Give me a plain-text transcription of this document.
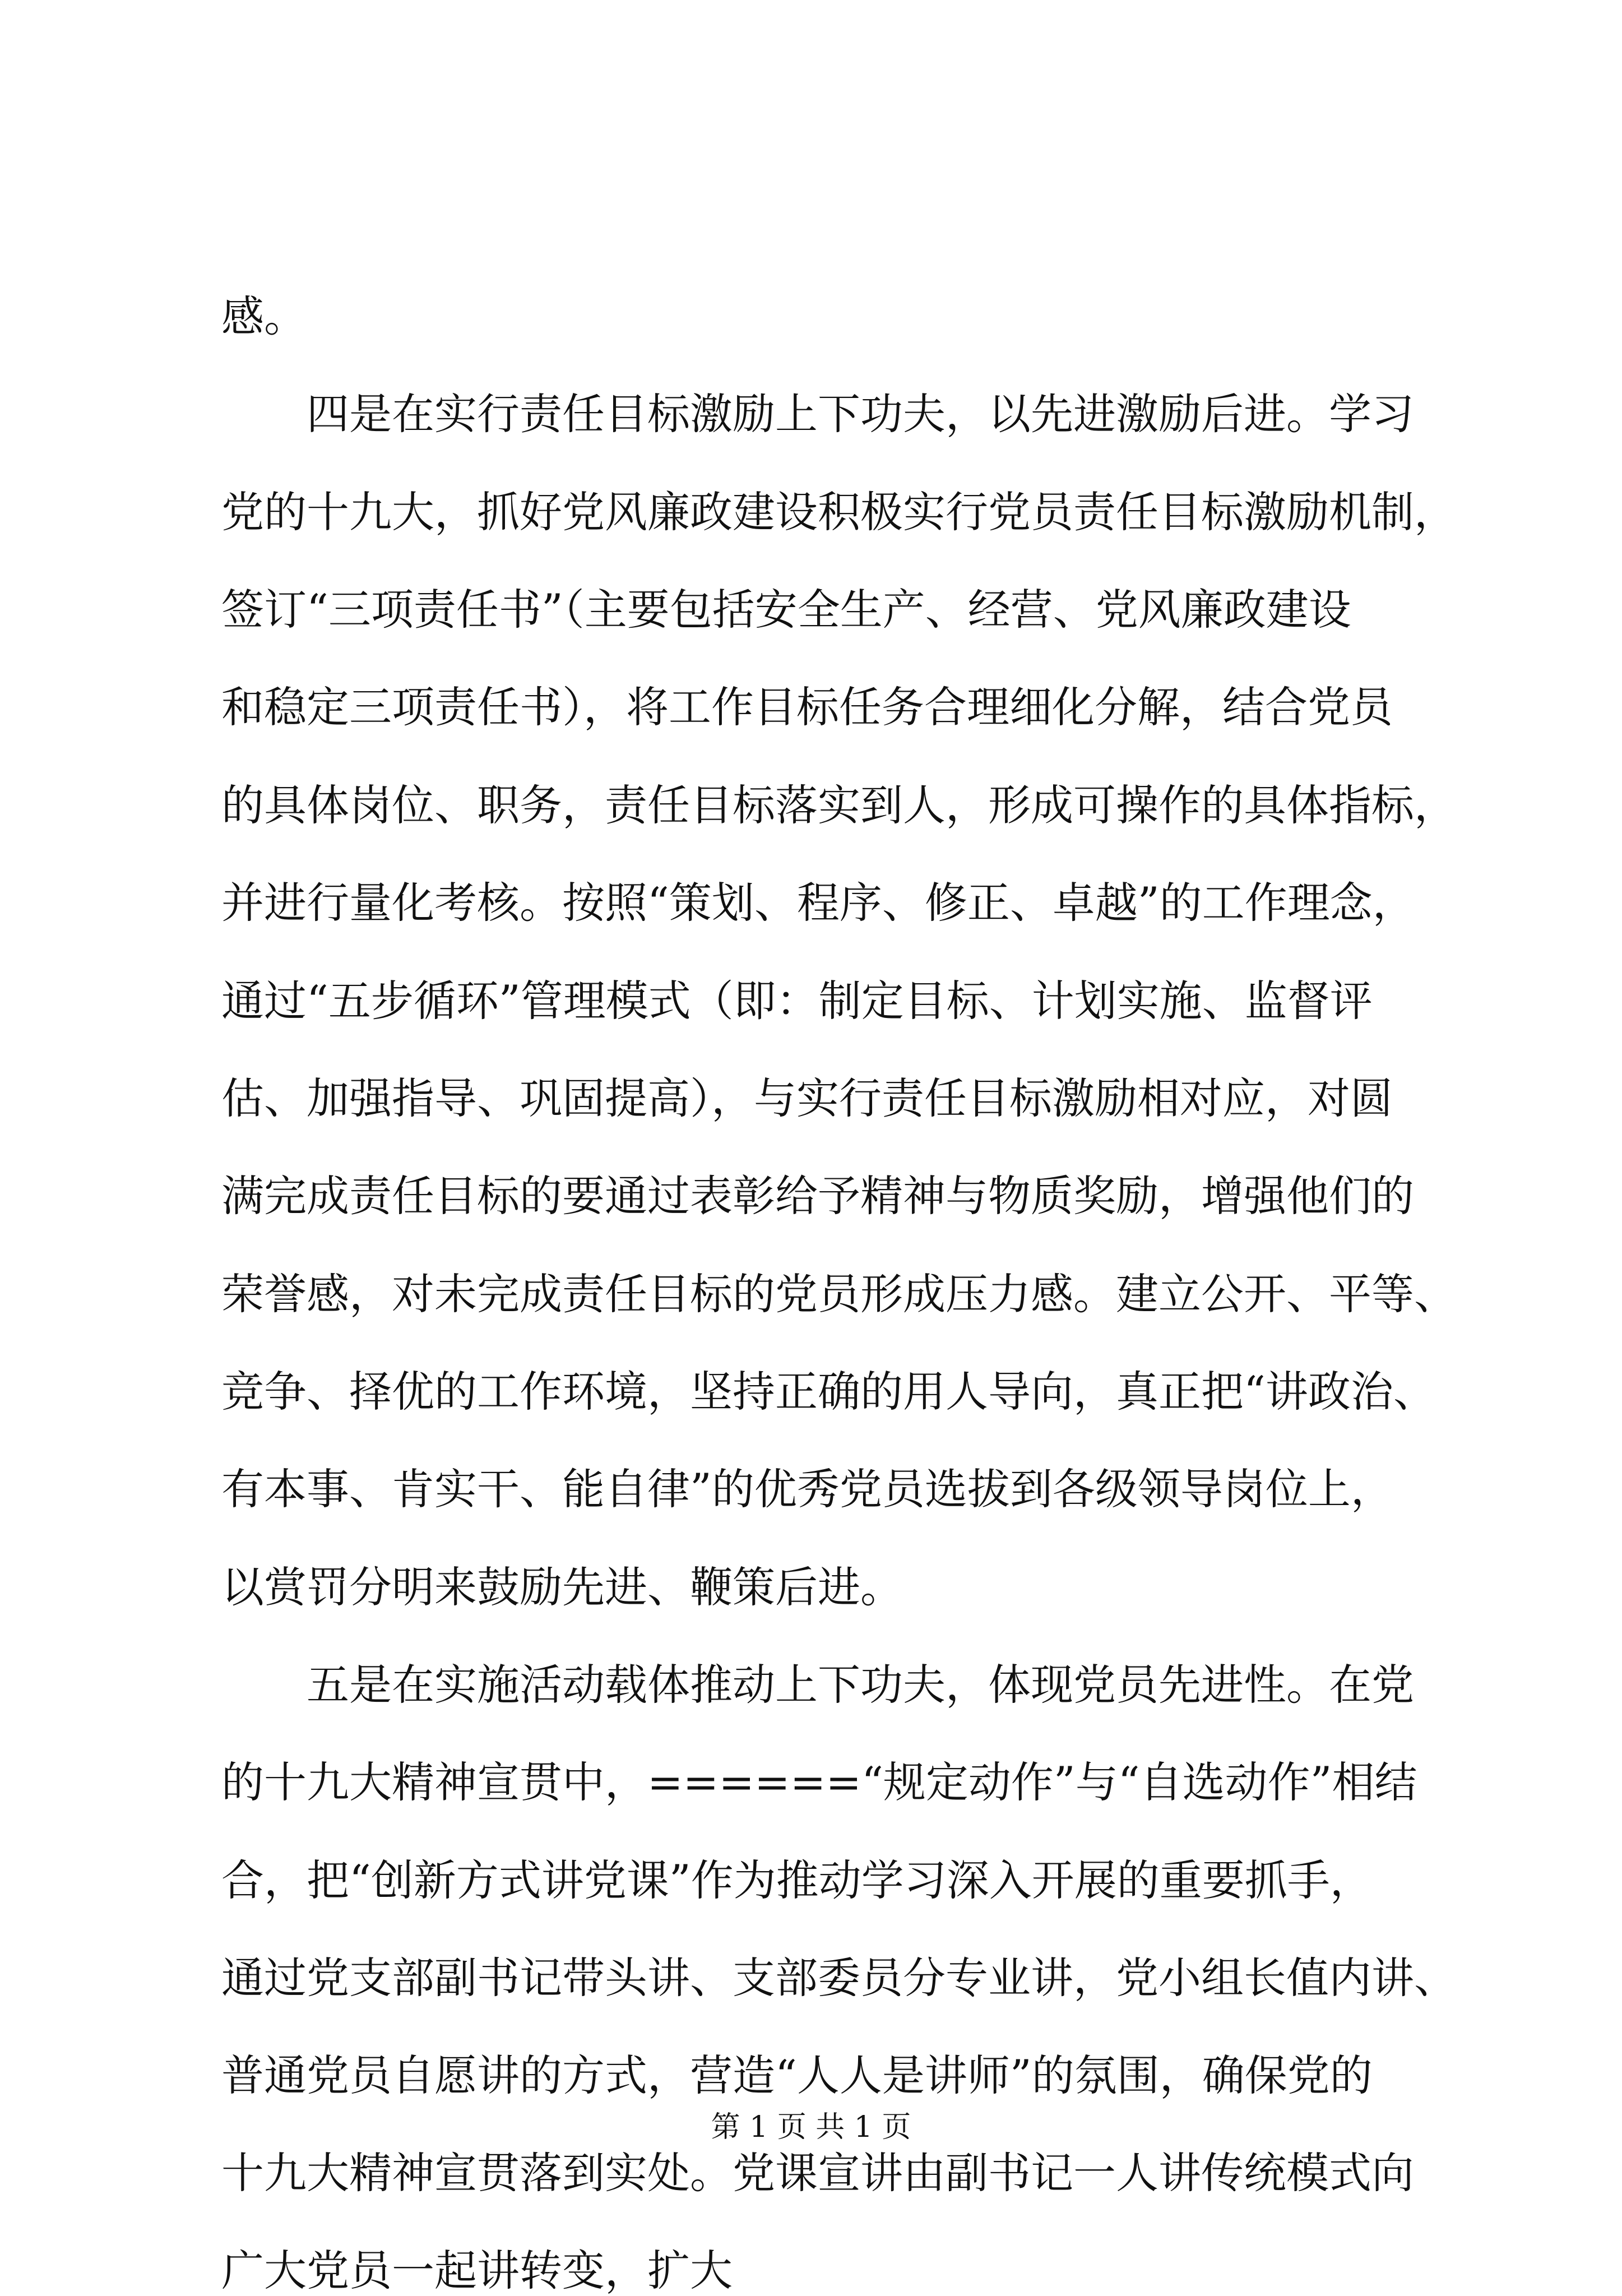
感。
四是在实行责任目标激励上下功夫，以先进激励后进。学习
党的十九大，抓好党风廉政建设积极实行党员责任目标激励机制，
签订“三项责任书”（主要包括安全生产、经营、党风廉政建设
和稳定三项责任书），将工作目标任务合理细化分解，结合党员
的具体岗位、职务，责任目标落实到人，形成可操作的具体指标，
并进行量化考核。按照“策划、程序、修正、卓越”的工作理念，
通过“五步循环”管理模式（即：制定目标、计划实施、监督评
估、加强指导、巩固提高），与实行责任目标激励相对应，对圆
满完成责任目标的要通过表彰给予精神与物质奖励，增强他们的
荣誉感，对未完成责任目标的党员形成压力感。建立公开、平等、
竞争、择优的工作环境，坚持正确的用人导向，真正把“讲政治、
有本事、肯实干、能自律”的优秀党员选拔到各级领导岗位上，
以赏罚分明来鼓励先进、鞭策后进。
五是在实施活动载体推动上下功夫，体现党员先进性。在党
的十九大精神宣贯中，======“规定动作”与“自选动作”相结
合，把“创新方式讲党课”作为推动学习深入开展的重要抓手，
通过党支部副书记带头讲、支部委员分专业讲，党小组长值内讲、
普通党员自愿讲的方式，营造“人人是讲师”的氛围，确保党的
十九大精神宣贯落到实处。党课宣讲由副书记一人讲传统模式向
广大党员一起讲转变，扩大
第 1 页 共 1 页
